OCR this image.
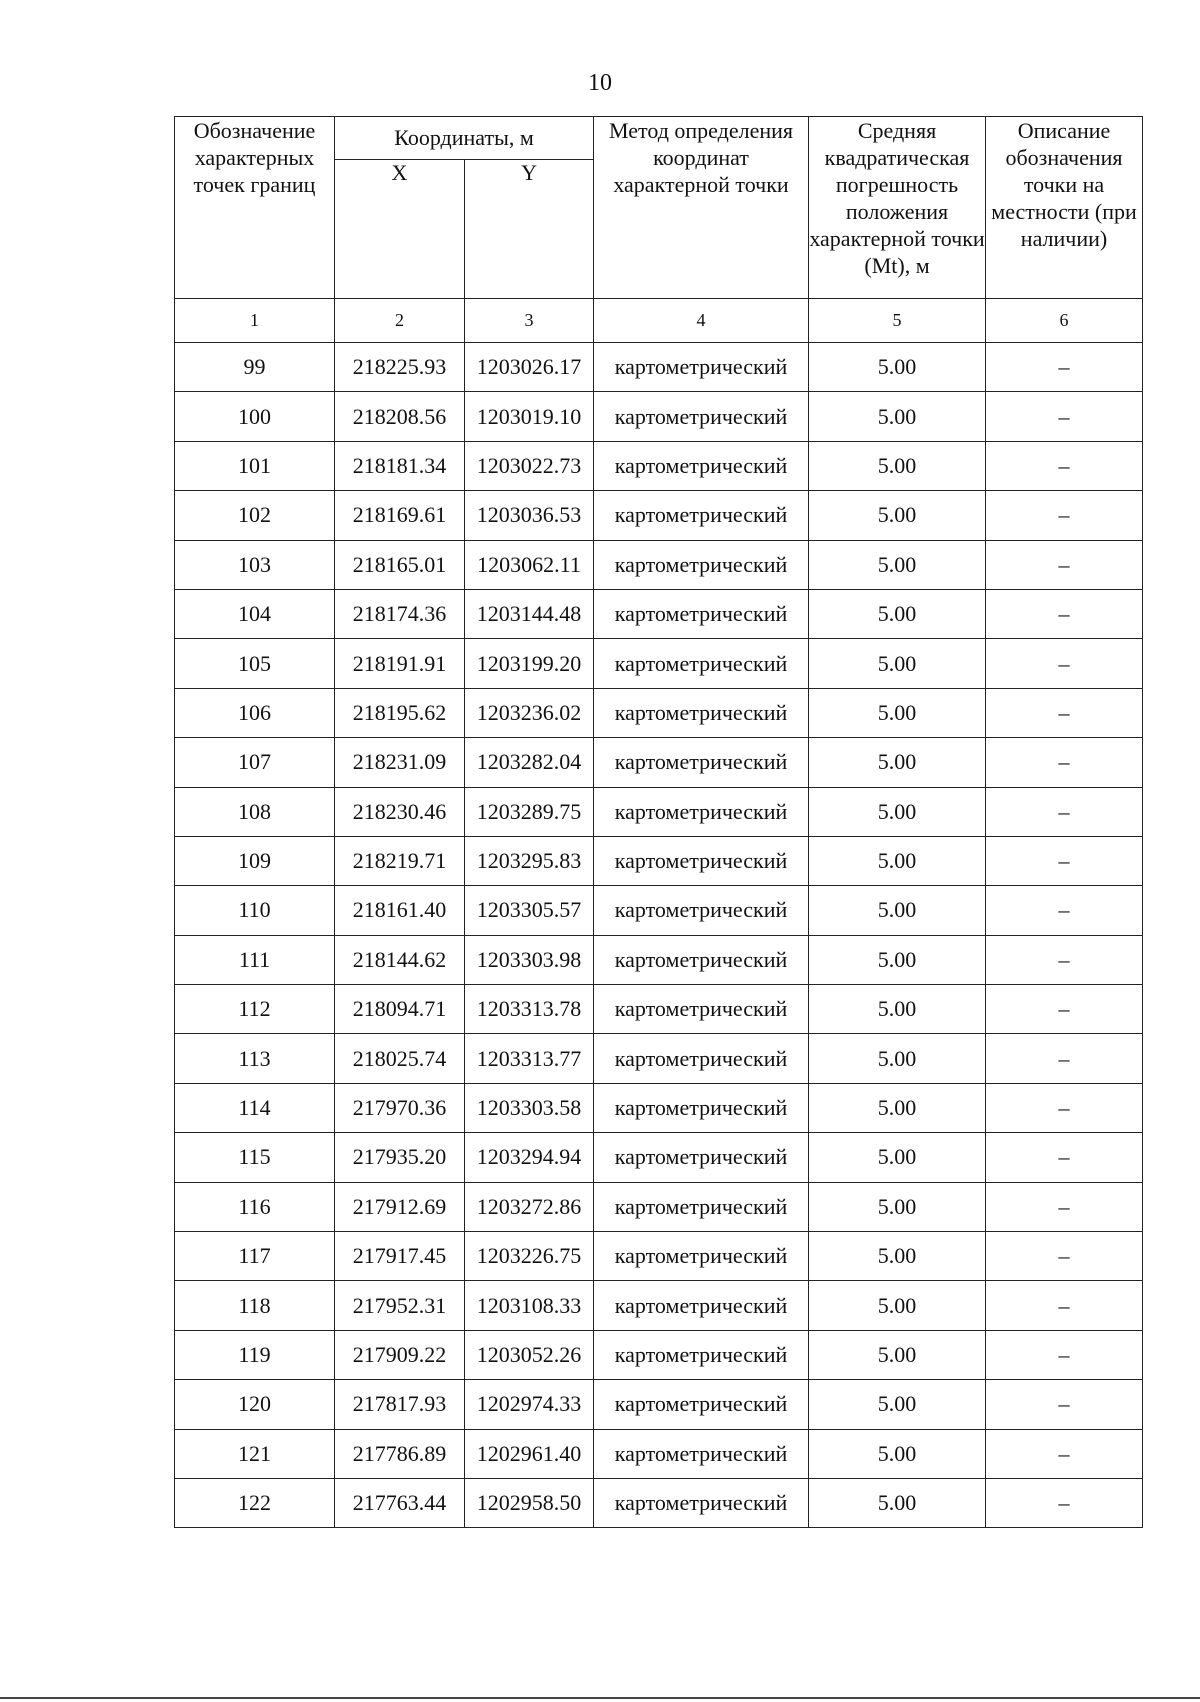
10
Обозначение характерных точек границ	Координаты, м		Метод определения координат характерной точки	Средняя квадратическая погрешность положения характерной точки (Mt), м	Описание обозначения точки на местности (при наличии)
	X	Y			
1	2	3	4	5	6
99	218225.93	1203026.17	картометрический	5.00	–
100	218208.56	1203019.10	картометрический	5.00	–
101	218181.34	1203022.73	картометрический	5.00	–
102	218169.61	1203036.53	картометрический	5.00	–
103	218165.01	1203062.11	картометрический	5.00	–
104	218174.36	1203144.48	картометрический	5.00	–
105	218191.91	1203199.20	картометрический	5.00	–
106	218195.62	1203236.02	картометрический	5.00	–
107	218231.09	1203282.04	картометрический	5.00	–
108	218230.46	1203289.75	картометрический	5.00	–
109	218219.71	1203295.83	картометрический	5.00	–
110	218161.40	1203305.57	картометрический	5.00	–
111	218144.62	1203303.98	картометрический	5.00	–
112	218094.71	1203313.78	картометрический	5.00	–
113	218025.74	1203313.77	картометрический	5.00	–
114	217970.36	1203303.58	картометрический	5.00	–
115	217935.20	1203294.94	картометрический	5.00	–
116	217912.69	1203272.86	картометрический	5.00	–
117	217917.45	1203226.75	картометрический	5.00	–
118	217952.31	1203108.33	картометрический	5.00	–
119	217909.22	1203052.26	картометрический	5.00	–
120	217817.93	1202974.33	картометрический	5.00	–
121	217786.89	1202961.40	картометрический	5.00	–
122	217763.44	1202958.50	картометрический	5.00	–
